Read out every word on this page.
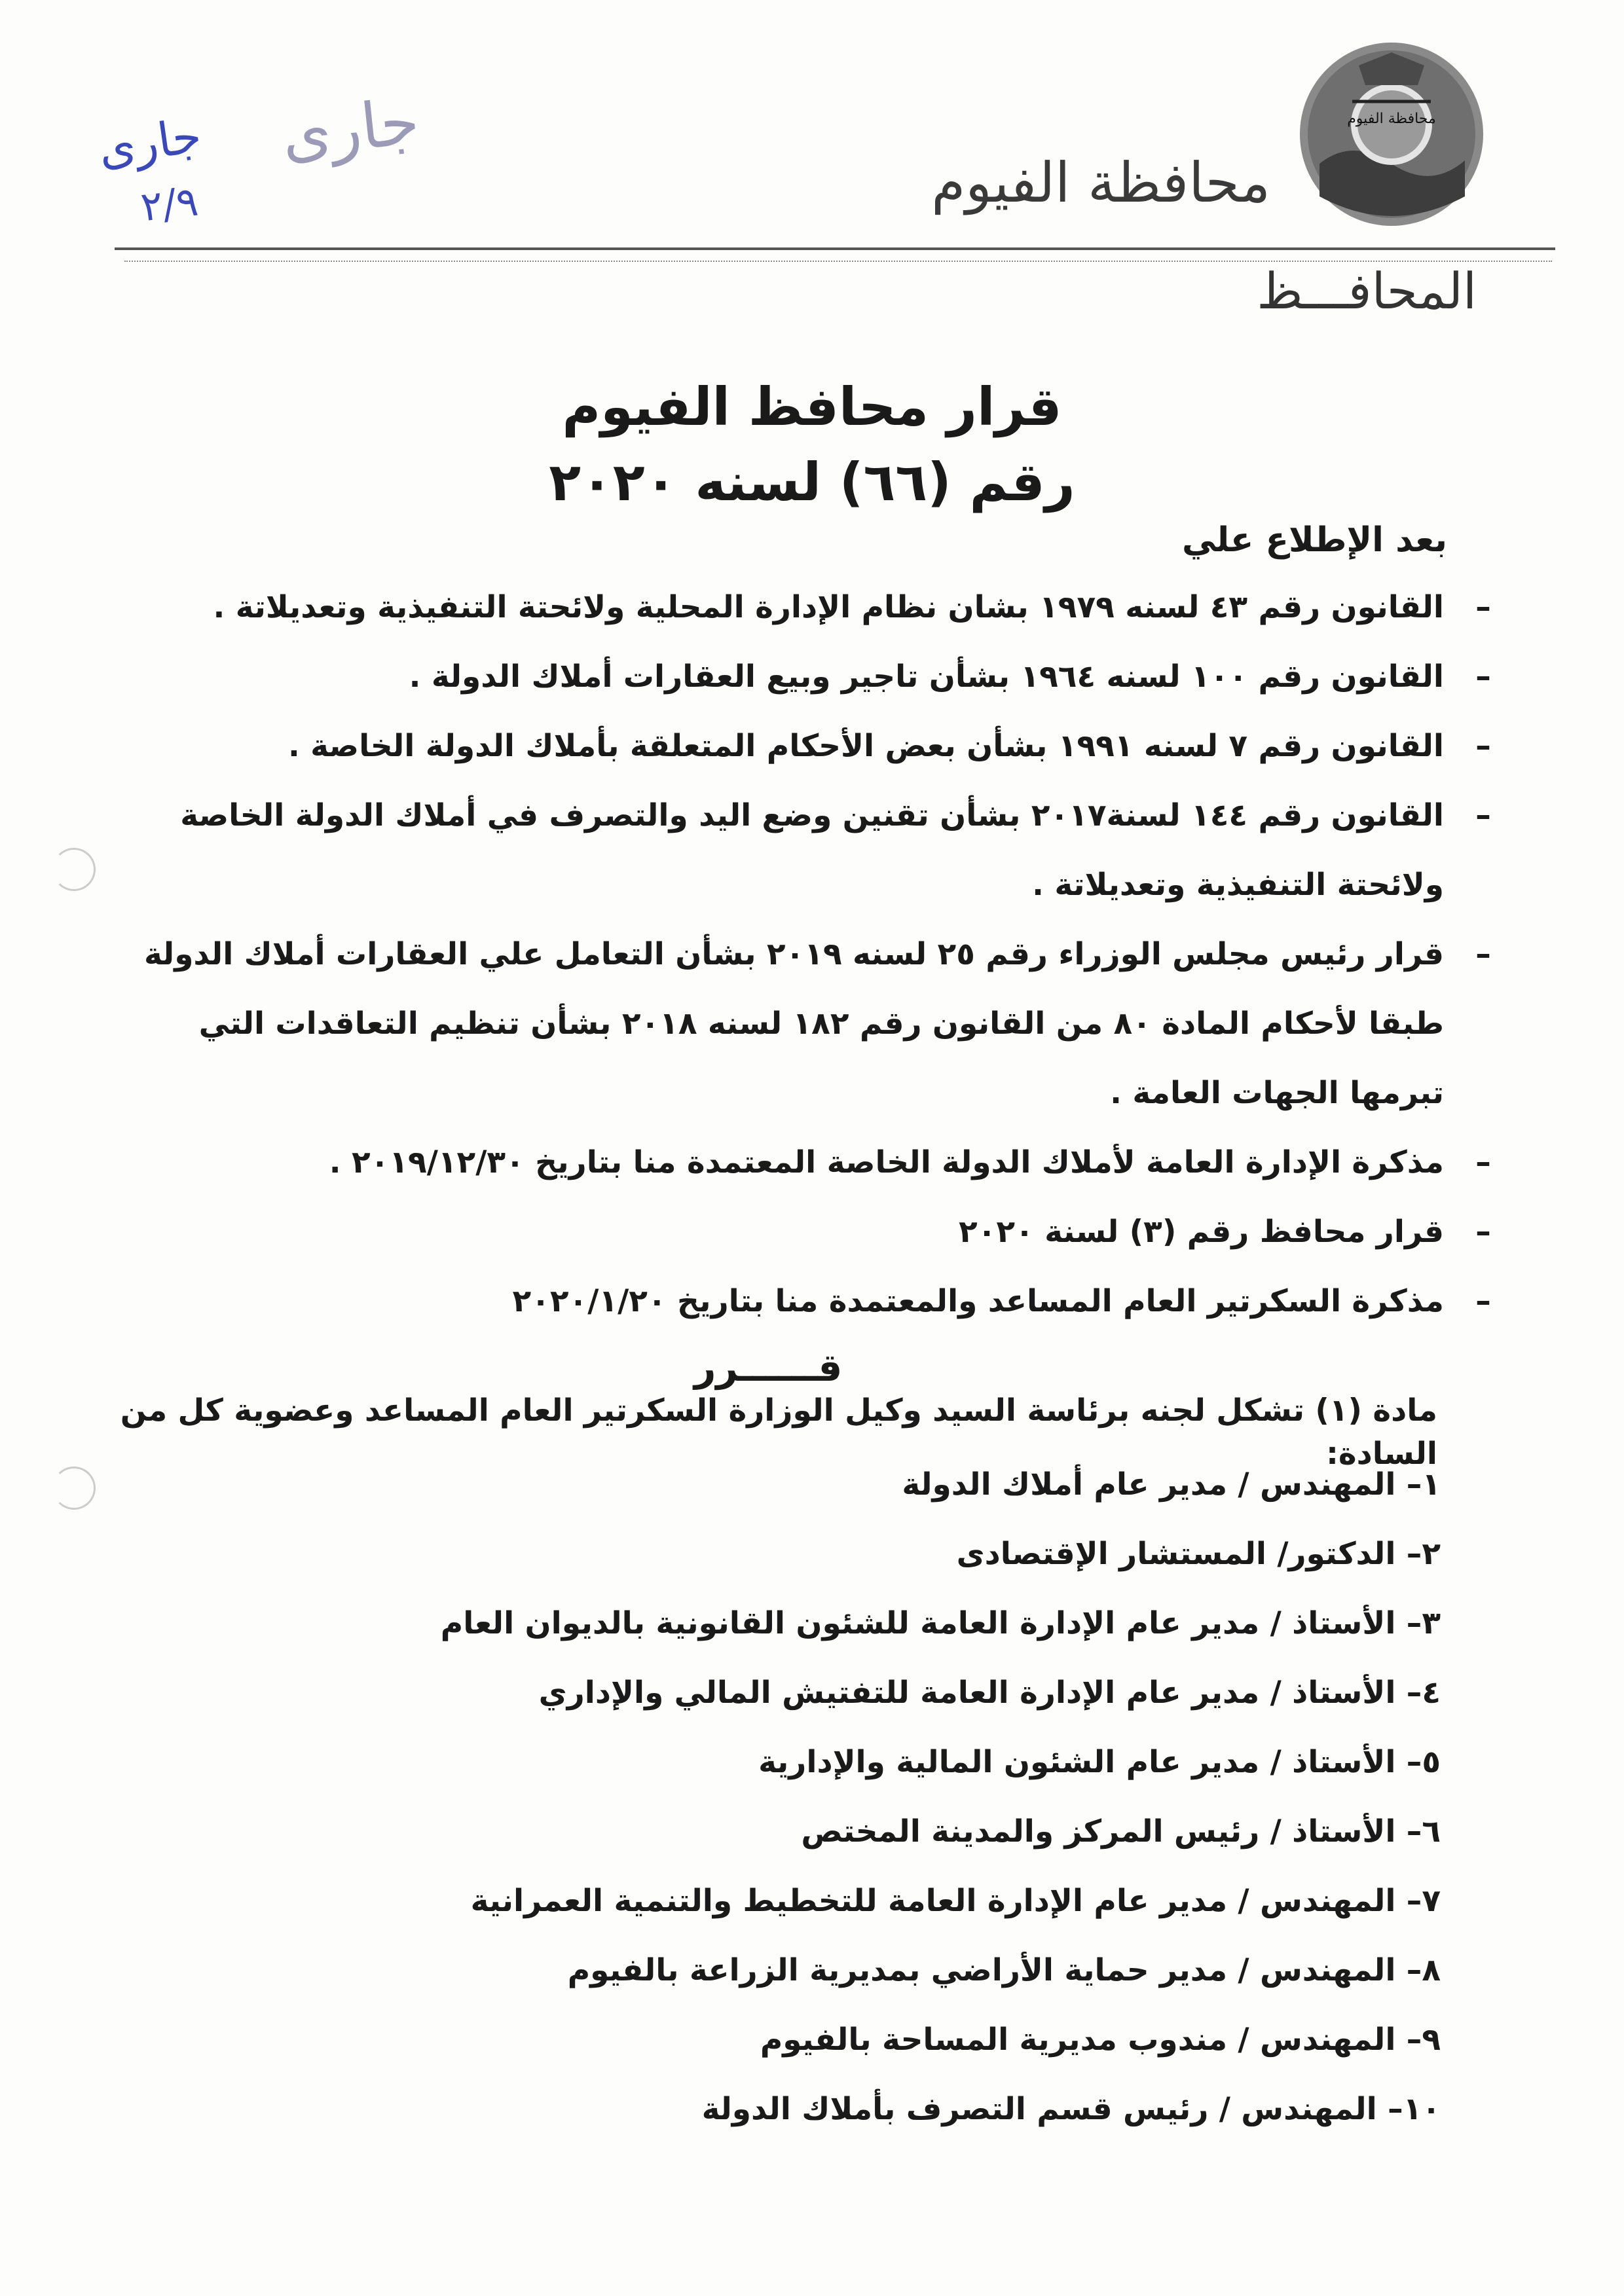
محافظة الفيوم
محافظة الفيوم
المحافـــظ
جارى
جارى
٢/٩
قرار محافظ الفيوم
رقم (٦٦) لسنه ٢٠٢٠
بعد الإطلاع علي
–
القانون رقم ٤٣ لسنه ١٩٧٩ بشان نظام الإدارة المحلية ولائحتة التنفيذية وتعديلاتة .
–
القانون رقم ١٠٠ لسنه ١٩٦٤ بشأن تاجير وبيع العقارات أملاك الدولة .
–
القانون رقم ٧ لسنه ١٩٩١ بشأن بعض الأحكام المتعلقة بأملاك الدولة الخاصة .
–
القانون رقم ١٤٤ لسنة٢٠١٧ بشأن تقنين وضع اليد والتصرف في أملاك الدولة الخاصة ولائحتة التنفيذية وتعديلاتة .
–
قرار رئيس مجلس الوزراء رقم ٢٥ لسنه ٢٠١٩ بشأن التعامل علي العقارات أملاك الدولة طبقا لأحكام المادة ٨٠ من القانون رقم ١٨٢ لسنه ٢٠١٨ بشأن تنظيم التعاقدات التي تبرمها الجهات العامة .
–
مذكرة الإدارة العامة لأملاك الدولة الخاصة المعتمدة منا بتاريخ ٢٠١٩/١٢/٣٠ .
–
قرار محافظ رقم (٣) لسنة ٢٠٢٠
–
مذكرة السكرتير العام المساعد والمعتمدة منا بتاريخ ٢٠٢٠/١/٢٠
قــــــرر
مادة (١) تشكل لجنه برئاسة السيد وكيل الوزارة السكرتير العام المساعد وعضوية كل من السادة:
١– المهندس / مدير عام أملاك الدولة
٢– الدكتور/ المستشار الإقتصادى
٣– الأستاذ / مدير عام الإدارة العامة للشئون القانونية بالديوان العام
٤– الأستاذ / مدير عام الإدارة العامة للتفتيش المالي والإداري
٥– الأستاذ / مدير عام الشئون المالية والإدارية
٦– الأستاذ / رئيس المركز والمدينة المختص
٧– المهندس / مدير عام الإدارة العامة للتخطيط والتنمية العمرانية
٨– المهندس / مدير حماية الأراضي بمديرية الزراعة بالفيوم
٩– المهندس / مندوب مديرية المساحة بالفيوم
١٠– المهندس / رئيس قسم التصرف بأملاك الدولة
